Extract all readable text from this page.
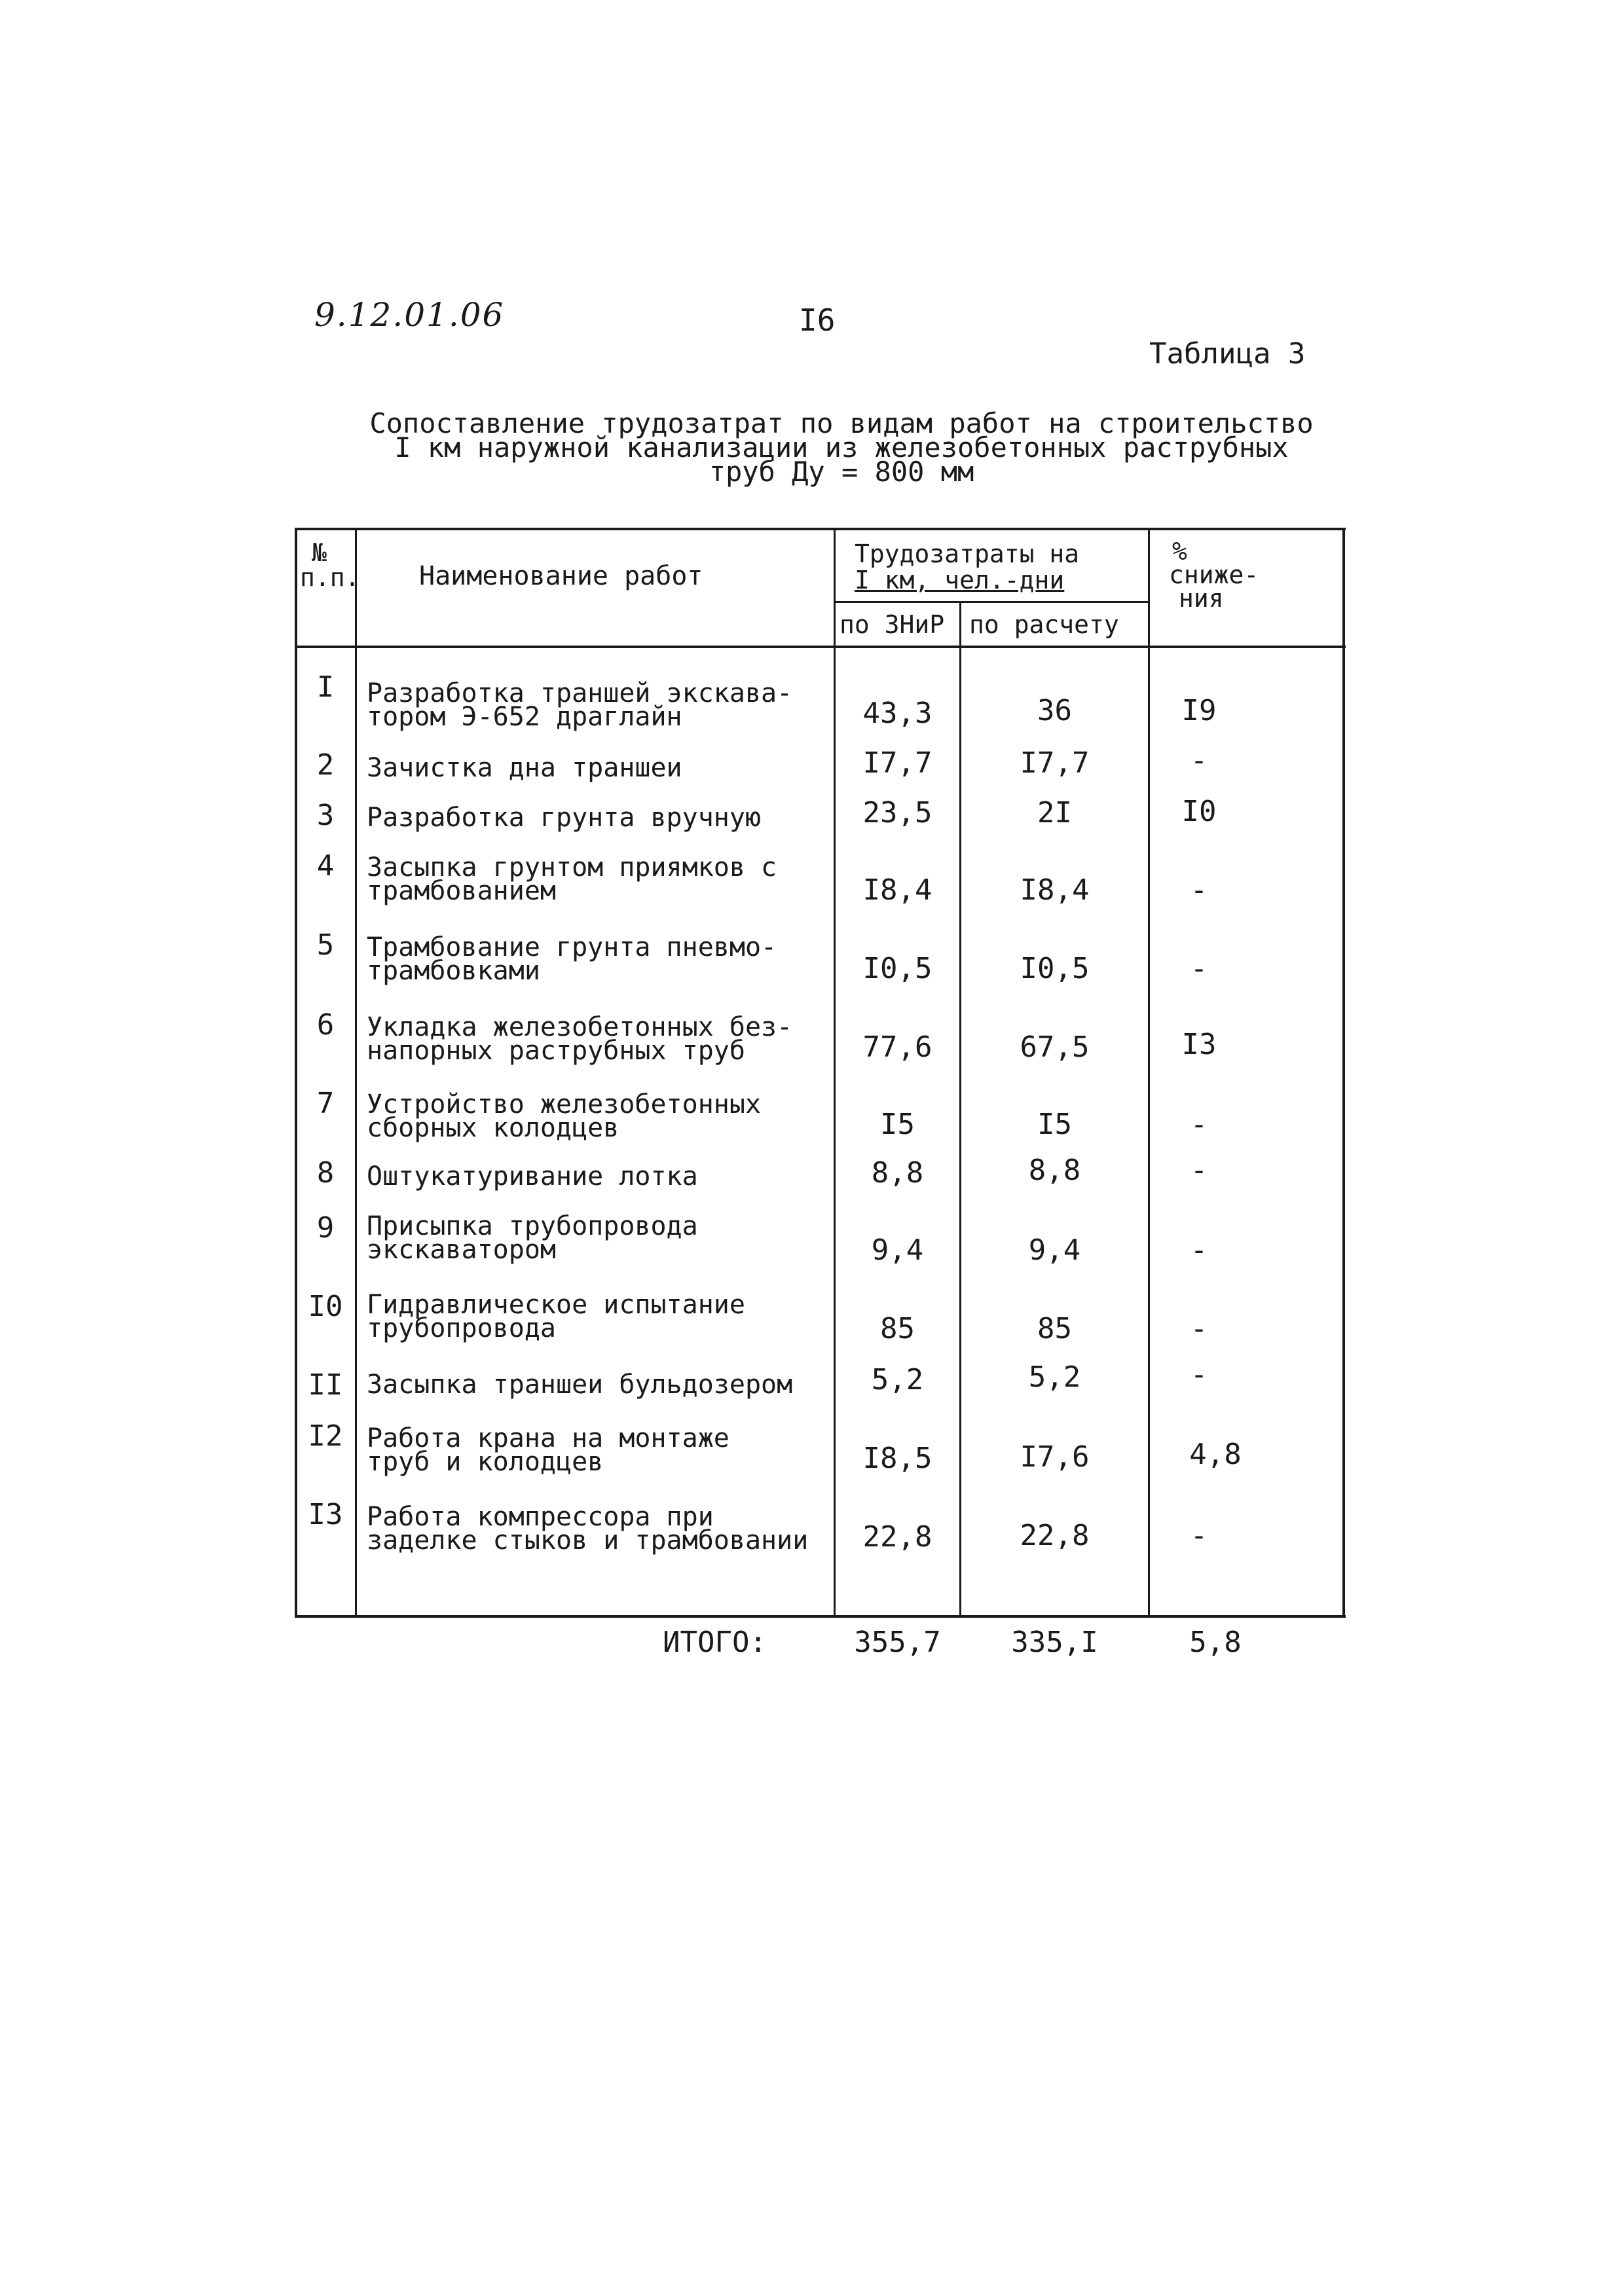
9.12.01.06	I6
Таблица 3
Сопоставление трудозатрат по видам работ на строительство
I км наружной канализации из железобетонных раструбных
труб Ду = 800 мм
№
п.п. Наименование работ
Трудозатраты на
I км, чел.-дни
по ЗНиР по расчету
%
сниже-
ния
I	Разработка траншей экскава-
тором Э-652 драглайн	43,3	36	I9
2	Зачистка дна траншеи	I7,7	I7,7	-
3	Разработка грунта вручную	23,5	2I	I0
4	Засыпка грунтом приямков с
трамбованием	I8,4	I8,4	-
5	Трамбование грунта пневмо-
трамбовками	I0,5	I0,5	-
6	Укладка железобетонных без-
напорных раструбных труб	77,6	67,5	I3
7	Устройство железобетонных
сборных колодцев	I5	I5	-
8	Оштукатуривание лотка	8,8	8,8	-
9	Присыпка трубопровода
экскаватором	9,4	9,4	-
I0 Гидравлическое испытание
трубопровода	85	85	-
II Засыпка траншеи бульдозером	5,2	5,2	-
I2 Работа крана на монтаже
труб и колодцев	I8,5	I7,6	4,8
I3 Работа компрессора при
заделке стыков и трамбовании	22,8	22,8	-
ИТОГО:	355,7	335,I	5,8
